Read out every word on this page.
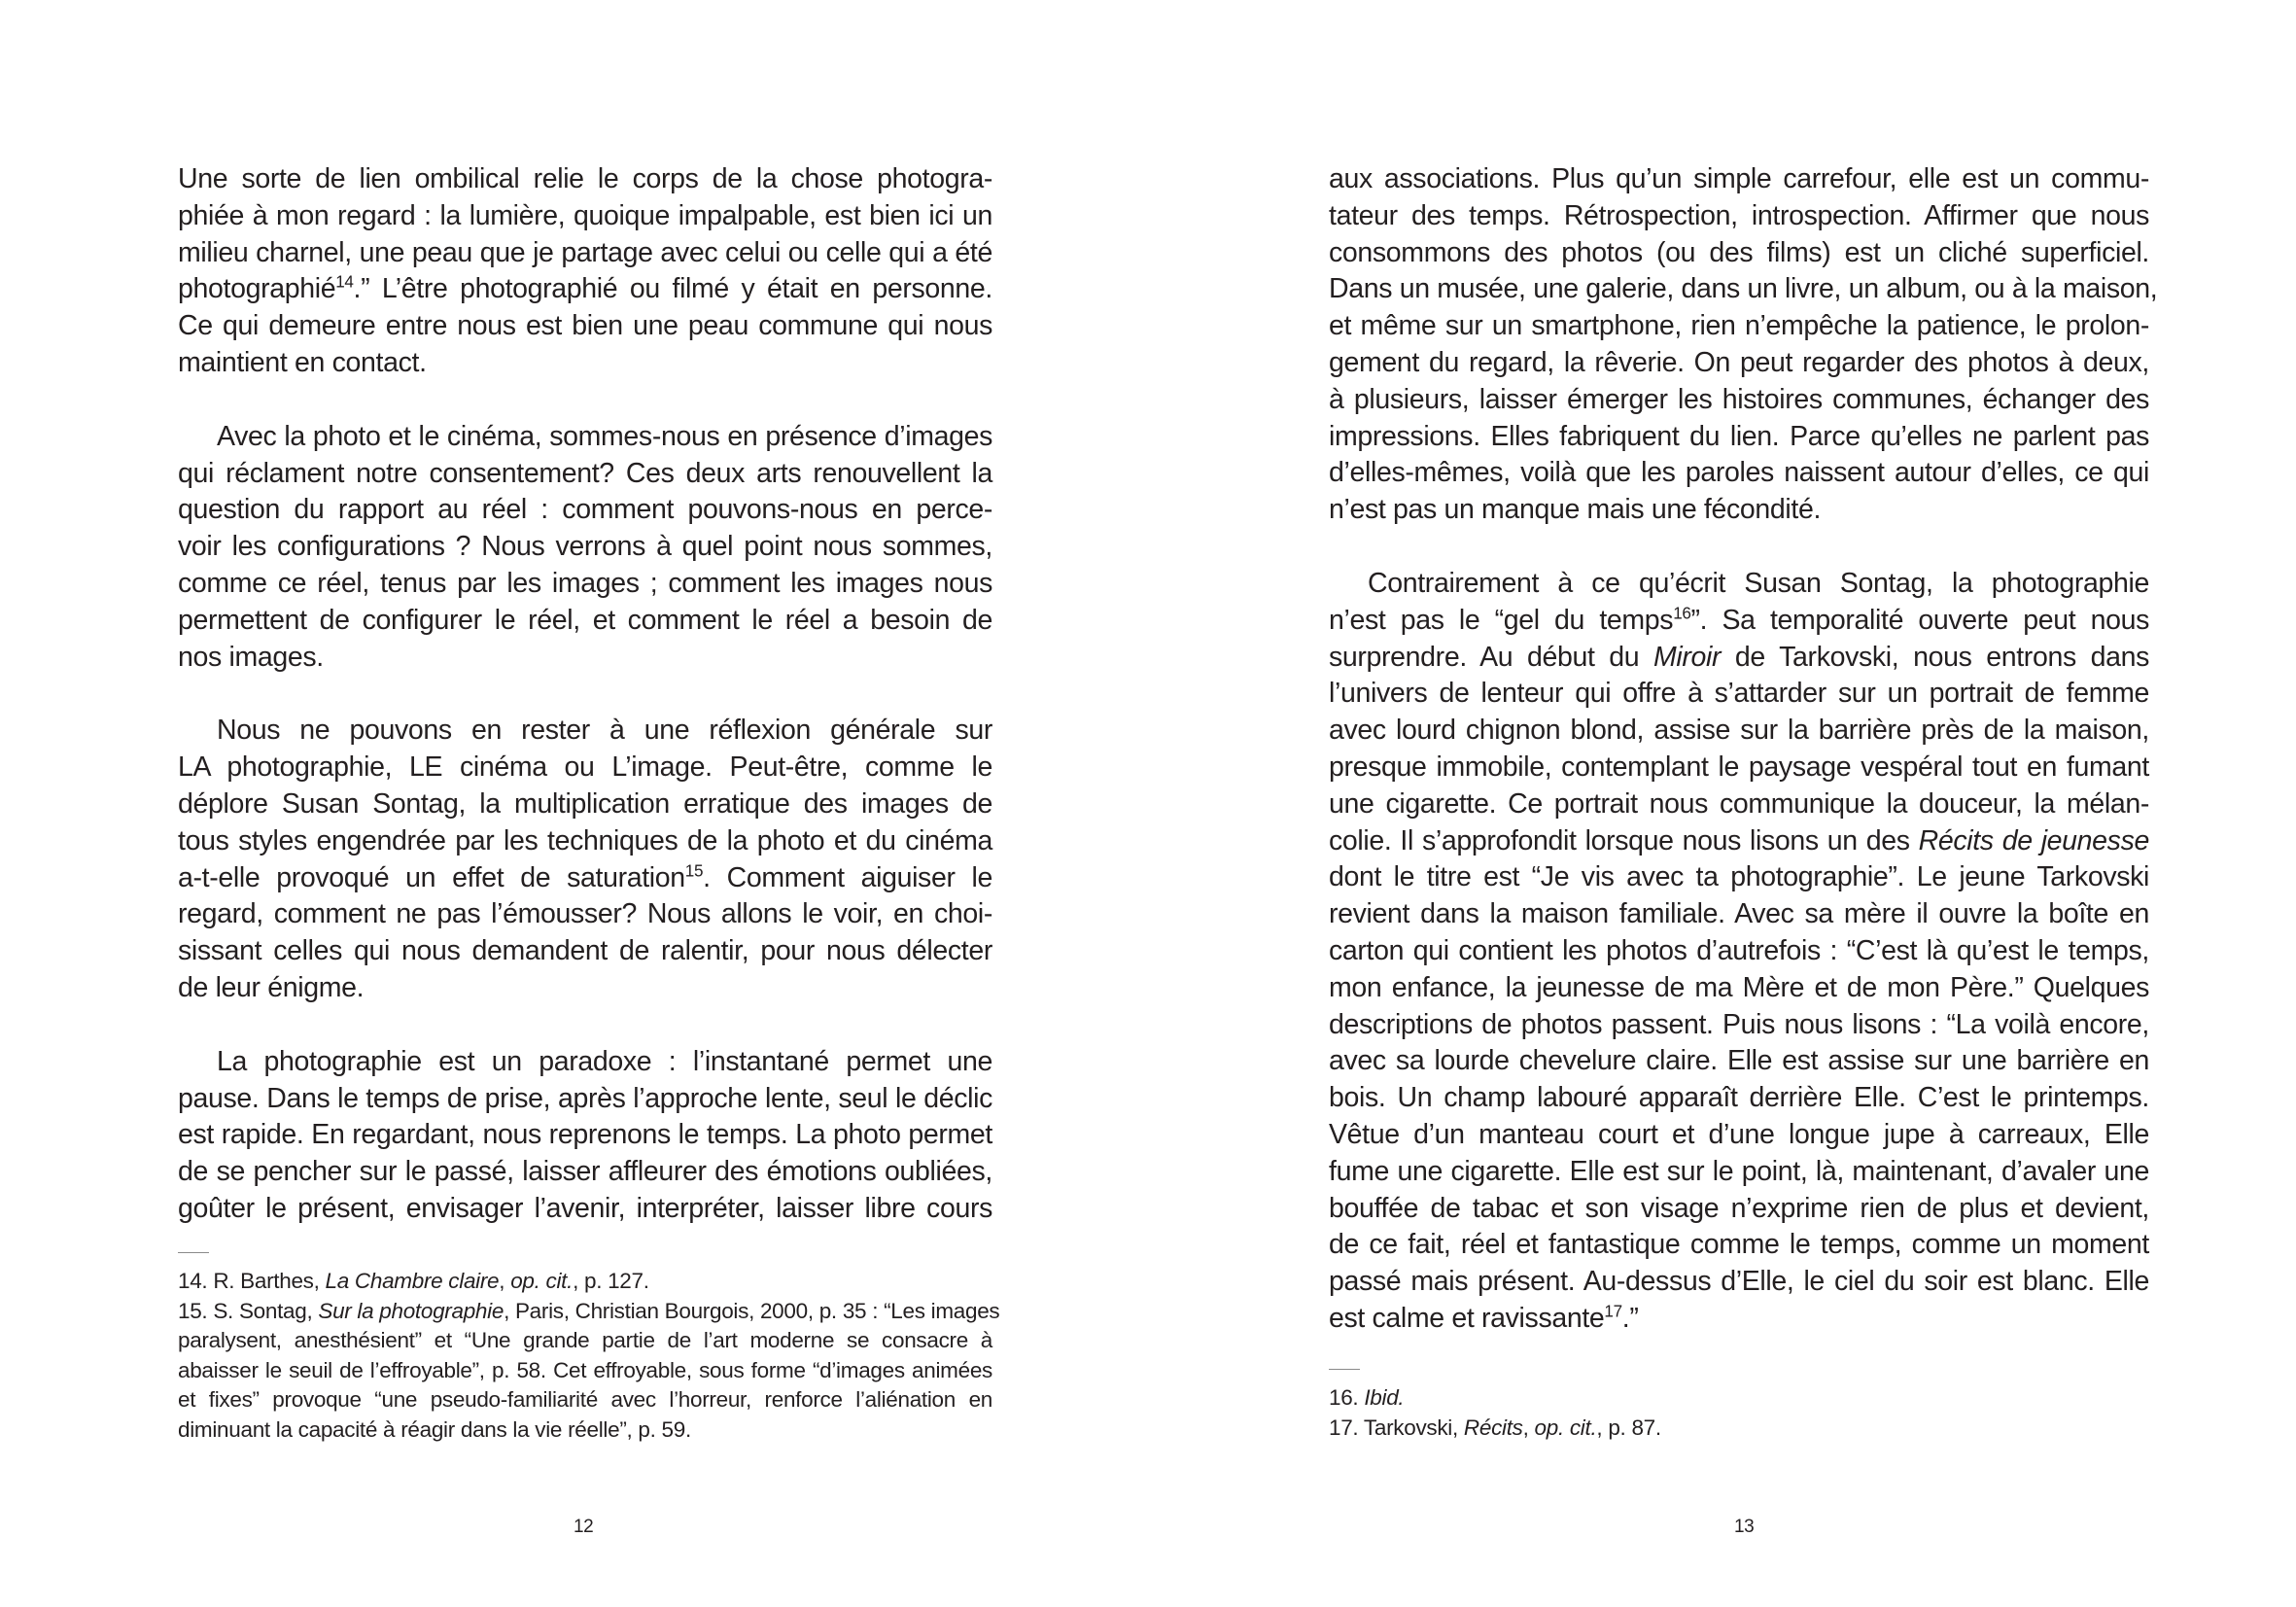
Une sorte de lien ombilical relie le corps de la chose photogra-
phiée à mon regard : la lumière, quoique impalpable, est bien ici un
milieu charnel, une peau que je partage avec celui ou celle qui a été
photographié$^{14}$.” L’être photographié ou filmé y était en personne.
Ce qui demeure entre nous est bien une peau commune qui nous
maintient en contact.
Avec la photo et le cinéma, sommes-nous en présence d’images
qui réclament notre consentement? Ces deux arts renouvellent la
question du rapport au réel : comment pouvons-nous en perce-
voir les configurations ? Nous verrons à quel point nous sommes,
comme ce réel, tenus par les images ; comment les images nous
permettent de configurer le réel, et comment le réel a besoin de
nos images.
Nous ne pouvons en rester à une réflexion générale sur
LA photographie, LE cinéma ou L’image. Peut-être, comme le
déplore Susan Sontag, la multiplication erratique des images de
tous styles engendrée par les techniques de la photo et du cinéma
a-t-elle provoqué un effet de saturation$^{15}$. Comment aiguiser le
regard, comment ne pas l’émousser? Nous allons le voir, en choi-
sissant celles qui nous demandent de ralentir, pour nous délecter
de leur énigme.
La photographie est un paradoxe : l’instantané permet une
pause. Dans le temps de prise, après l’approche lente, seul le déclic
est rapide. En regardant, nous reprenons le temps. La photo permet
de se pencher sur le passé, laisser affleurer des émotions oubliées,
goûter le présent, envisager l’avenir, interpréter, laisser libre cours
14. R. Barthes, La Chambre claire, op. cit., p. 127.
15. S. Sontag, Sur la photographie, Paris, Christian Bourgois, 2000, p. 35 : “Les images
paralysent, anesthésient” et “Une grande partie de l’art moderne se consacre à
abaisser le seuil de l’effroyable”, p. 58. Cet effroyable, sous forme “d’images animées
et fixes” provoque “une pseudo-familiarité avec l’horreur, renforce l’aliénation en
diminuant la capacité à réagir dans la vie réelle”, p. 59.
12
aux associations. Plus qu’un simple carrefour, elle est un commu-
tateur des temps. Rétrospection, introspection. Affirmer que nous
consommons des photos (ou des films) est un cliché superficiel.
Dans un musée, une galerie, dans un livre, un album, ou à la maison,
et même sur un smartphone, rien n’empêche la patience, le prolon-
gement du regard, la rêverie. On peut regarder des photos à deux,
à plusieurs, laisser émerger les histoires communes, échanger des
impressions. Elles fabriquent du lien. Parce qu’elles ne parlent pas
d’elles-mêmes, voilà que les paroles naissent autour d’elles, ce qui
n’est pas un manque mais une fécondité.
Contrairement à ce qu’écrit Susan Sontag, la photographie
n’est pas le “gel du temps$^{16}$”. Sa temporalité ouverte peut nous
surprendre. Au début du Miroir de Tarkovski, nous entrons dans
l’univers de lenteur qui offre à s’attarder sur un portrait de femme
avec lourd chignon blond, assise sur la barrière près de la maison,
presque immobile, contemplant le paysage vespéral tout en fumant
une cigarette. Ce portrait nous communique la douceur, la mélan-
colie. Il s’approfondit lorsque nous lisons un des Récits de jeunesse
dont le titre est “Je vis avec ta photographie”. Le jeune Tarkovski
revient dans la maison familiale. Avec sa mère il ouvre la boîte en
carton qui contient les photos d’autrefois : “C’est là qu’est le temps,
mon enfance, la jeunesse de ma Mère et de mon Père.” Quelques
descriptions de photos passent. Puis nous lisons : “La voilà encore,
avec sa lourde chevelure claire. Elle est assise sur une barrière en
bois. Un champ labouré apparaît derrière Elle. C’est le printemps.
Vêtue d’un manteau court et d’une longue jupe à carreaux, Elle
fume une cigarette. Elle est sur le point, là, maintenant, d’avaler une
bouffée de tabac et son visage n’exprime rien de plus et devient,
de ce fait, réel et fantastique comme le temps, comme un moment
passé mais présent. Au-dessus d’Elle, le ciel du soir est blanc. Elle
est calme et ravissante$^{17}$.”
16. Ibid.
17. Tarkovski, Récits, op. cit., p. 87.
13
